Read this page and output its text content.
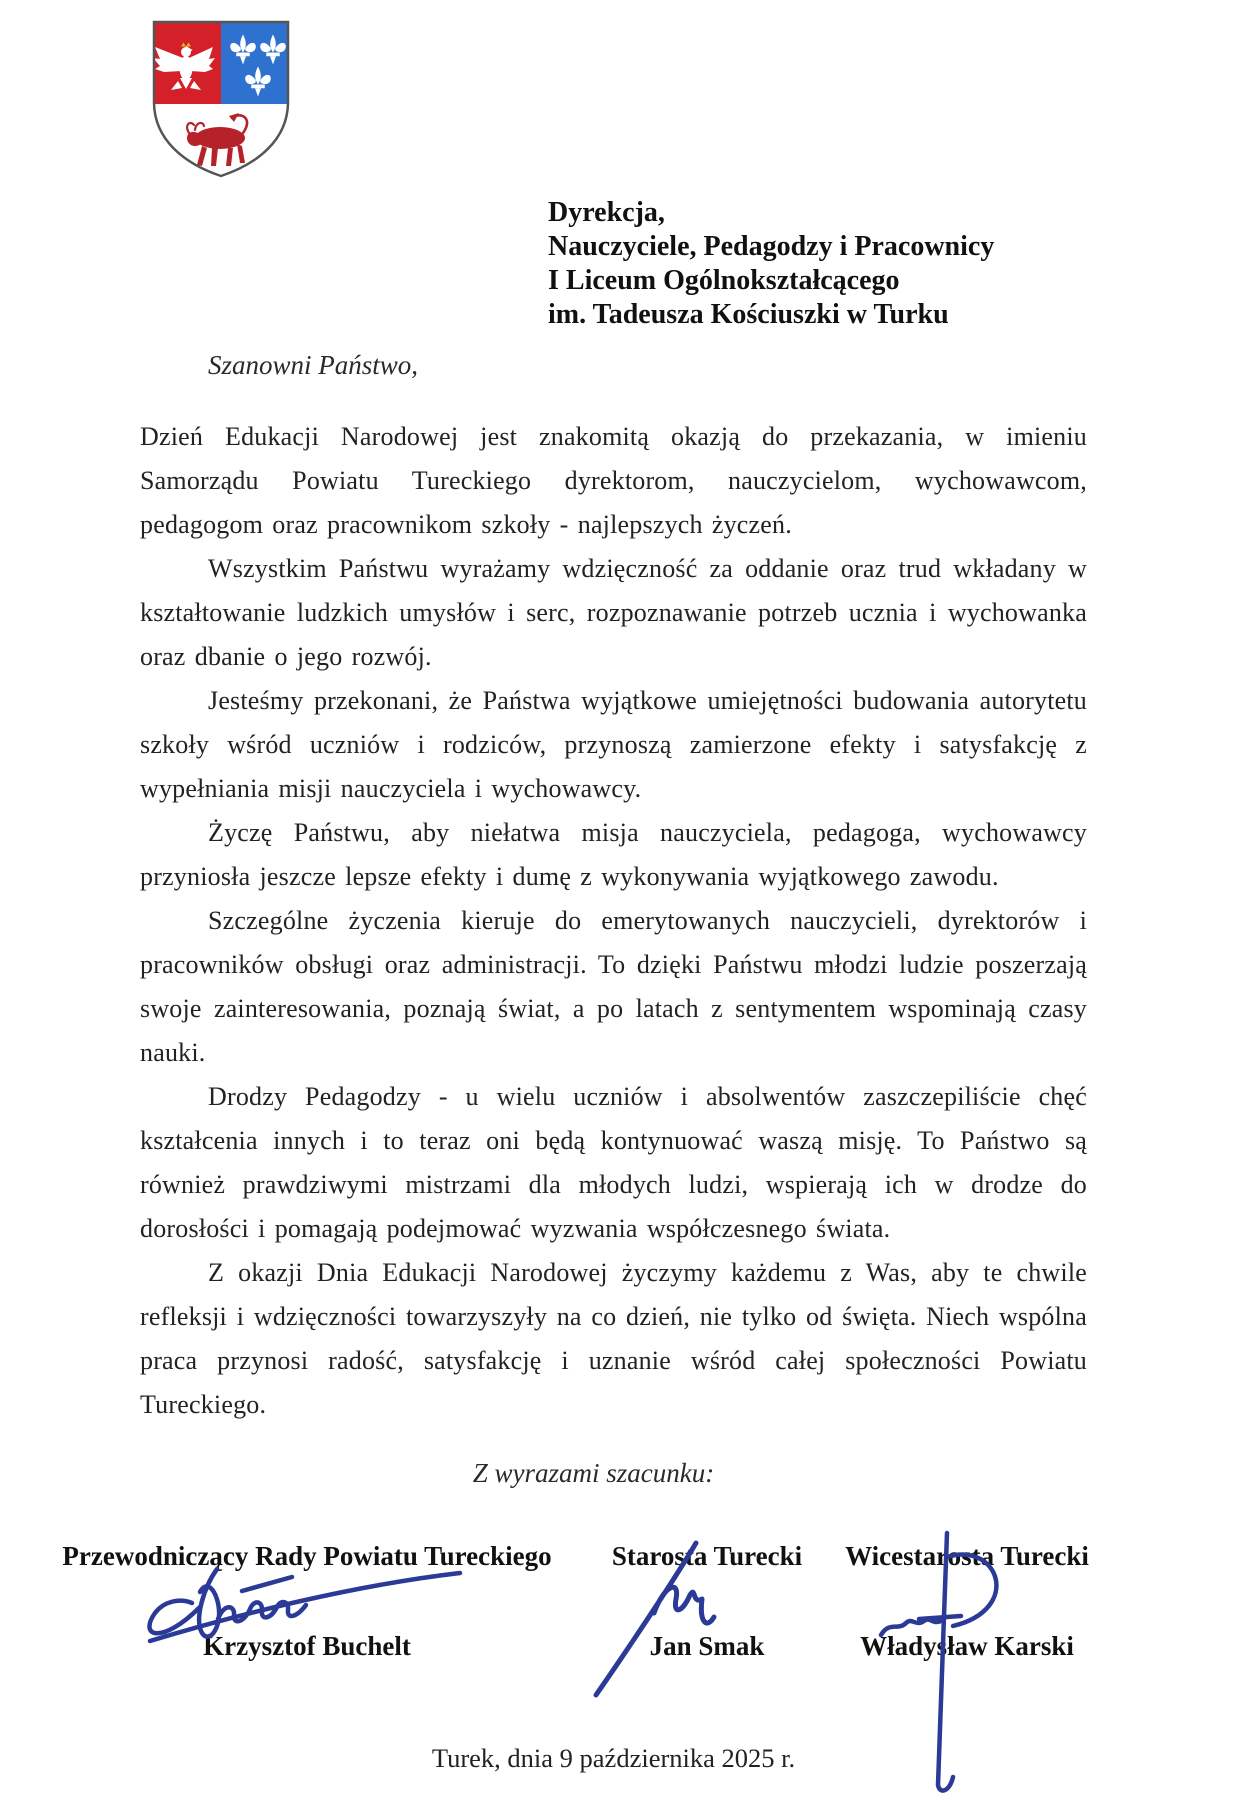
Dyrekcja,
Nauczyciele, Pedagodzy i Pracownicy
I Liceum Ogólnokształcącego
im. Tadeusza Kościuszki w Turku

Szanowni Państwo,

Dzień Edukacji Narodowej jest znakomitą okazją do przekazania, w imieniu Samorządu Powiatu Tureckiego dyrektorom, nauczycielom, wychowawcom, pedagogom oraz pracownikom szkoły - najlepszych życzeń.

Wszystkim Państwu wyrażamy wdzięczność za oddanie oraz trud wkładany w kształtowanie ludzkich umysłów i serc, rozpoznawanie potrzeb ucznia i wychowanka oraz dbanie o jego rozwój.

Jesteśmy przekonani, że Państwa wyjątkowe umiejętności budowania autorytetu szkoły wśród uczniów i rodziców, przynoszą zamierzone efekty i satysfakcję z wypełniania misji nauczyciela i wychowawcy.

Życzę Państwu, aby niełatwa misja nauczyciela, pedagoga, wychowawcy przyniosła jeszcze lepsze efekty i dumę z wykonywania wyjątkowego zawodu.

Szczególne życzenia kieruje do emerytowanych nauczycieli, dyrektorów i pracowników obsługi oraz administracji. To dzięki Państwu młodzi ludzie poszerzają swoje zainteresowania, poznają świat, a po latach z sentymentem wspominają czasy nauki.

Drodzy Pedagodzy - u wielu uczniów i absolwentów zaszczepiliście chęć kształcenia innych i to teraz oni będą kontynuować waszą misję. To Państwo są również prawdziwymi mistrzami dla młodych ludzi, wspierają ich w drodze do dorosłości i pomagają podejmować wyzwania współczesnego świata.

Z okazji Dnia Edukacji Narodowej życzymy każdemu z Was, aby te chwile refleksji i wdzięczności towarzyszyły na co dzień, nie tylko od święta. Niech wspólna praca przynosi radość, satysfakcję i uznanie wśród całej społeczności Powiatu Tureckiego.

Z wyrazami szacunku:

Przewodniczący Rady Powiatu Tureckiego
Krzysztof Buchelt
Starosta Turecki
Jan Smak
Wicestarosta Turecki
Władysław Karski

Turek, dnia 9 października 2025 r.
